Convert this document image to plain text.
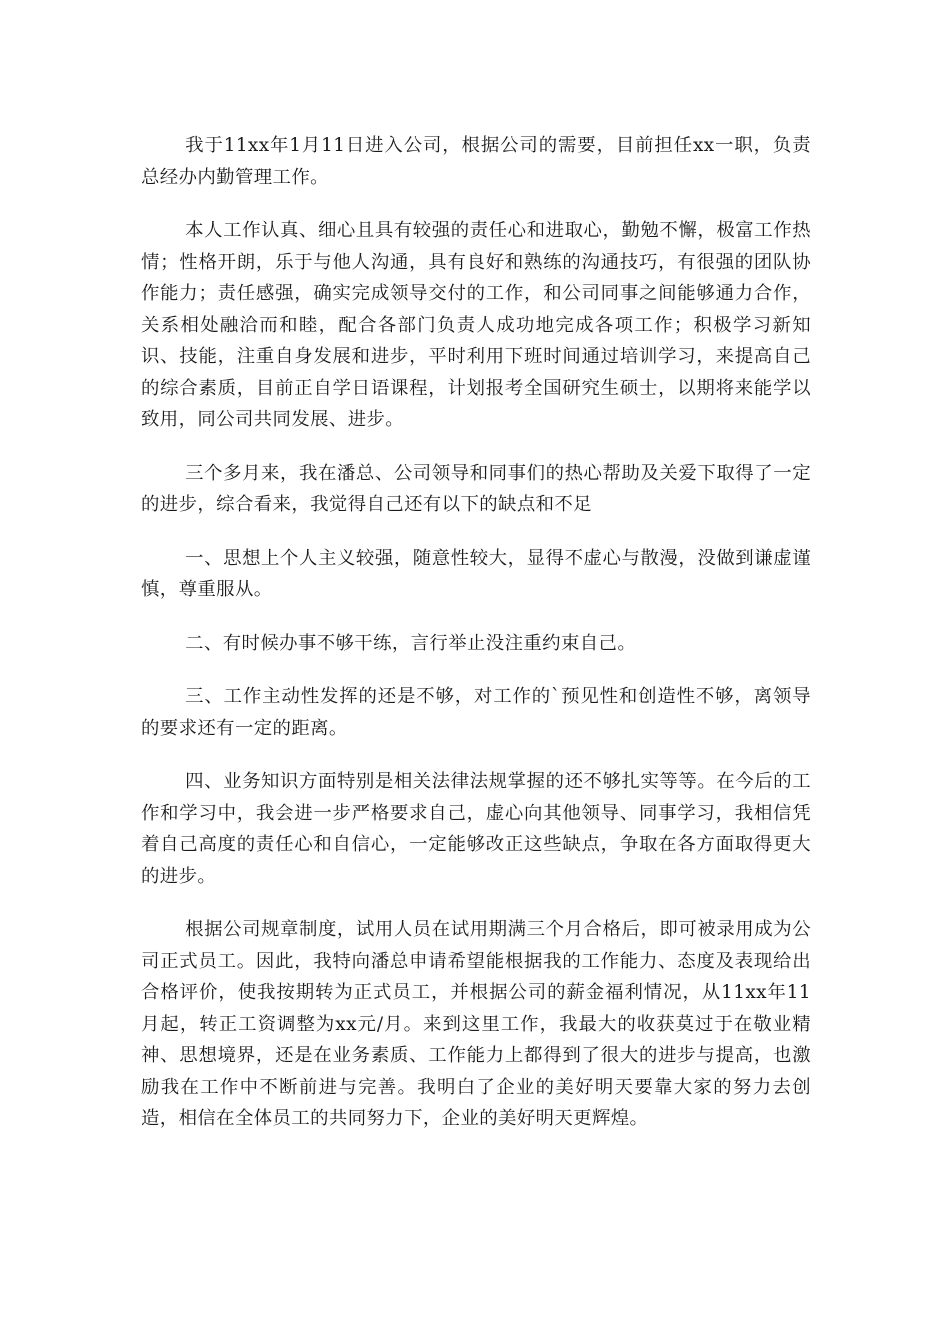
我于11xx年1月11日进入公司，根据公司的需要，目前担任xx一职，负责总经办内勤管理工作。

本人工作认真、细心且具有较强的责任心和进取心，勤勉不懈，极富工作热情；性格开朗，乐于与他人沟通，具有良好和熟练的沟通技巧，有很强的团队协作能力；责任感强，确实完成领导交付的工作，和公司同事之间能够通力合作，关系相处融洽而和睦，配合各部门负责人成功地完成各项工作；积极学习新知识、技能，注重自身发展和进步，平时利用下班时间通过培训学习，来提高自己的综合素质，目前正自学日语课程，计划报考全国研究生硕士，以期将来能学以致用，同公司共同发展、进步。

三个多月来，我在潘总、公司领导和同事们的热心帮助及关爱下取得了一定的进步，综合看来，我觉得自己还有以下的缺点和不足

一、思想上个人主义较强，随意性较大，显得不虚心与散漫，没做到谦虚谨慎，尊重服从。

二、有时候办事不够干练，言行举止没注重约束自己。

三、工作主动性发挥的还是不够，对工作的`预见性和创造性不够，离领导的要求还有一定的距离。

四、业务知识方面特别是相关法律法规掌握的还不够扎实等等。在今后的工作和学习中，我会进一步严格要求自己，虚心向其他领导、同事学习，我相信凭着自己高度的责任心和自信心，一定能够改正这些缺点，争取在各方面取得更大的进步。

根据公司规章制度，试用人员在试用期满三个月合格后，即可被录用成为公司正式员工。因此，我特向潘总申请希望能根据我的工作能力、态度及表现给出合格评价，使我按期转为正式员工，并根据公司的薪金福利情况，从11xx年11月起，转正工资调整为xx元/月。来到这里工作，我最大的收获莫过于在敬业精神、思想境界，还是在业务素质、工作能力上都得到了很大的进步与提高，也激励我在工作中不断前进与完善。我明白了企业的美好明天要靠大家的努力去创造，相信在全体员工的共同努力下，企业的美好明天更辉煌。
